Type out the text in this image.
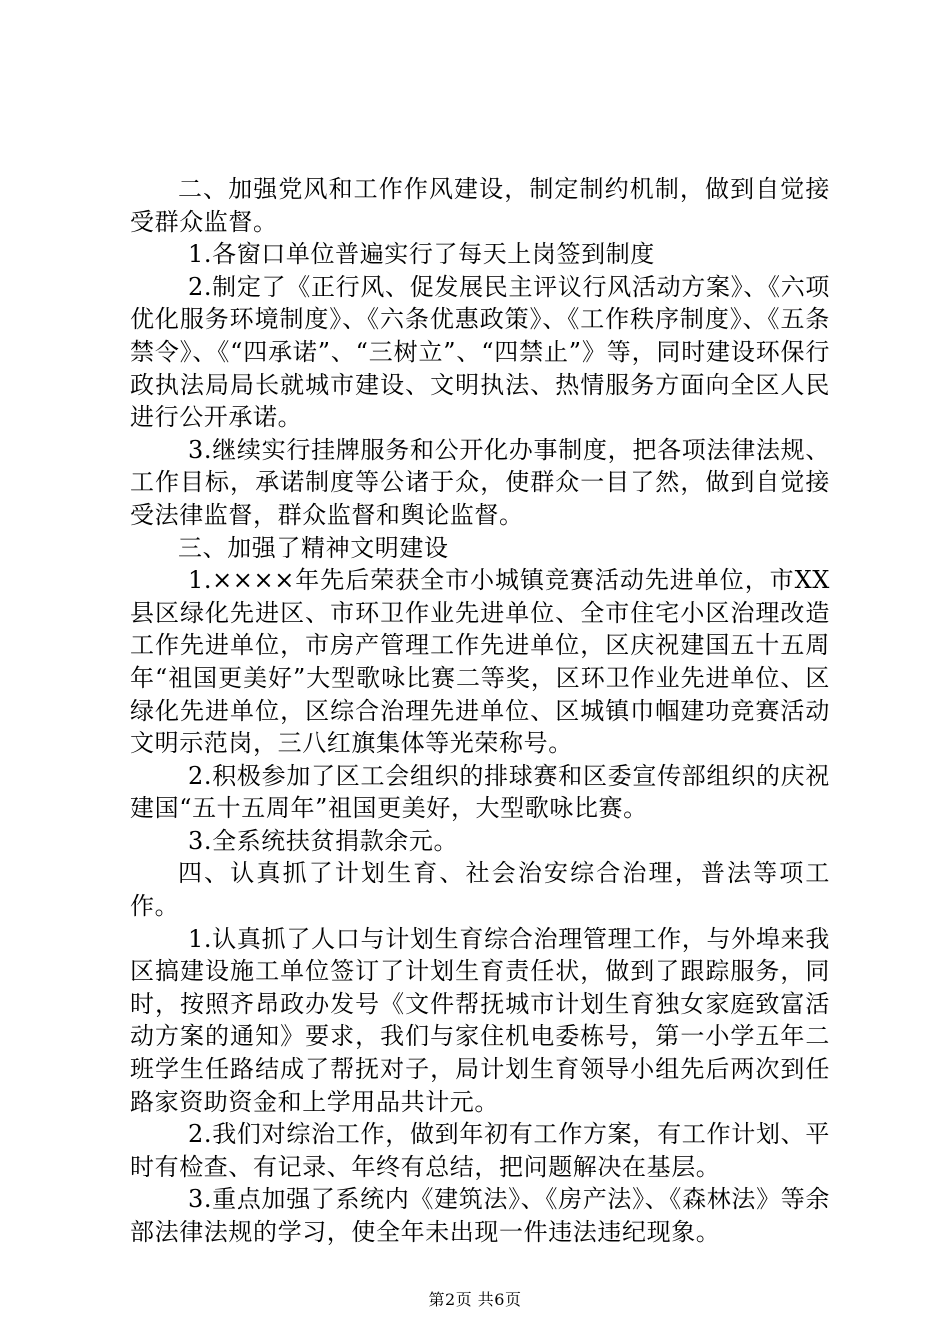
二、加强党风和工作作风建设，制定制约机制，做到自觉接受群众监督。

1.各窗口单位普遍实行了每天上岗签到制度

2.制定了《正行风、促发展民主评议行风活动方案》、《六项优化服务环境制度》、《六条优惠政策》、《工作秩序制度》、《五条禁令》、《“四承诺”、“三树立”、“四禁止”》等，同时建设环保行政执法局局长就城市建设、文明执法、热情服务方面向全区人民进行公开承诺。

3.继续实行挂牌服务和公开化办事制度，把各项法律法规、工作目标，承诺制度等公诸于众，使群众一目了然，做到自觉接受法律监督，群众监督和舆论监督。

三、加强了精神文明建设

1.××××年先后荣获全市小城镇竞赛活动先进单位，市XX县区绿化先进区、市环卫作业先进单位、全市住宅小区治理改造工作先进单位，市房产管理工作先进单位，区庆祝建国五十五周年“祖国更美好”大型歌咏比赛二等奖，区环卫作业先进单位、区绿化先进单位，区综合治理先进单位、区城镇巾帼建功竞赛活动文明示范岗，三八红旗集体等光荣称号。

2.积极参加了区工会组织的排球赛和区委宣传部组织的庆祝建国“五十五周年”祖国更美好，大型歌咏比赛。

3.全系统扶贫捐款余元。

四、认真抓了计划生育、社会治安综合治理，普法等项工作。

1.认真抓了人口与计划生育综合治理管理工作，与外埠来我区搞建设施工单位签订了计划生育责任状，做到了跟踪服务，同时，按照齐昂政办发号《文件帮抚城市计划生育独女家庭致富活动方案的通知》要求，我们与家住机电委栋号，第一小学五年二班学生任路结成了帮抚对子，局计划生育领导小组先后两次到任路家资助资金和上学用品共计元。

2.我们对综治工作，做到年初有工作方案，有工作计划、平时有检查、有记录、年终有总结，把问题解决在基层。

3.重点加强了系统内《建筑法》、《房产法》、《森林法》等余部法律法规的学习，使全年未出现一件违法违纪现象。

第2页 共6页
